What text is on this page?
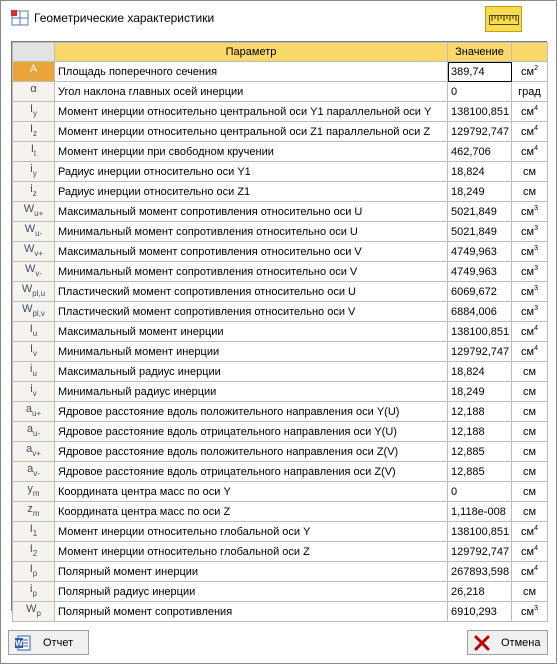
Геометрические характеристики
	Параметр	Значение	
A	Площадь поперечного сечения	389,74	$см^2$
α	Угол наклона главных осей инерции	0	град
$I_y$	Момент инерции относительно центральной оси Y1 параллельной оси Y	138100,851	$см^4$
$I_z$	Момент инерции относительно центральной оси Z1 параллельной оси Z	129792,747	$см^4$
$I_t$	Момент инерции при свободном кручении	462,706	$см^4$
$i_y$	Радиус инерции относительно оси Y1	18,824	см
$i_z$	Радиус инерции относительно оси Z1	18,249	см
$W_{u+}$	Максимальный момент сопротивления относительно оси U	5021,849	$см^3$
$W_{u-}$	Минимальный момент сопротивления относительно оси U	5021,849	$см^3$
$W_{v+}$	Максимальный момент сопротивления относительно оси V	4749,963	$см^3$
$W_{v-}$	Минимальный момент сопротивления относительно оси V	4749,963	$см^3$
$W_{pl,u}$	Пластический момент сопротивления относительно оси U	6069,672	$см^3$
$W_{pl,v}$	Пластический момент сопротивления относительно оси V	6884,006	$см^3$
$I_u$	Максимальный момент инерции	138100,851	$см^4$
$I_v$	Минимальный момент инерции	129792,747	$см^4$
$i_u$	Максимальный радиус инерции	18,824	см
$i_v$	Минимальный радиус инерции	18,249	см
$a_{u+}$	Ядровое расстояние вдоль положительного направления оси Y(U)	12,188	см
$a_{u-}$	Ядровое расстояние вдоль отрицательного направления оси Y(U)	12,188	см
$a_{v+}$	Ядровое расстояние вдоль положительного направления оси Z(V)	12,885	см
$a_{v-}$	Ядровое расстояние вдоль отрицательного направления оси Z(V)	12,885	см
$y_m$	Координата центра масс по оси Y	0	см
$z_m$	Координата центра масс по оси Z	1,118e-008	см
$I_1$	Момент инерции относительно глобальной оси Y	138100,851	$см^4$
$I_2$	Момент инерции относительно глобальной оси Z	129792,747	$см^4$
$I_p$	Полярный момент инерции	267893,598	$см^4$
$i_p$	Полярный радиус инерции	26,218	см
$W_p$	Полярный момент сопротивления	6910,293	$см^3$
W Отчет	Отмена
